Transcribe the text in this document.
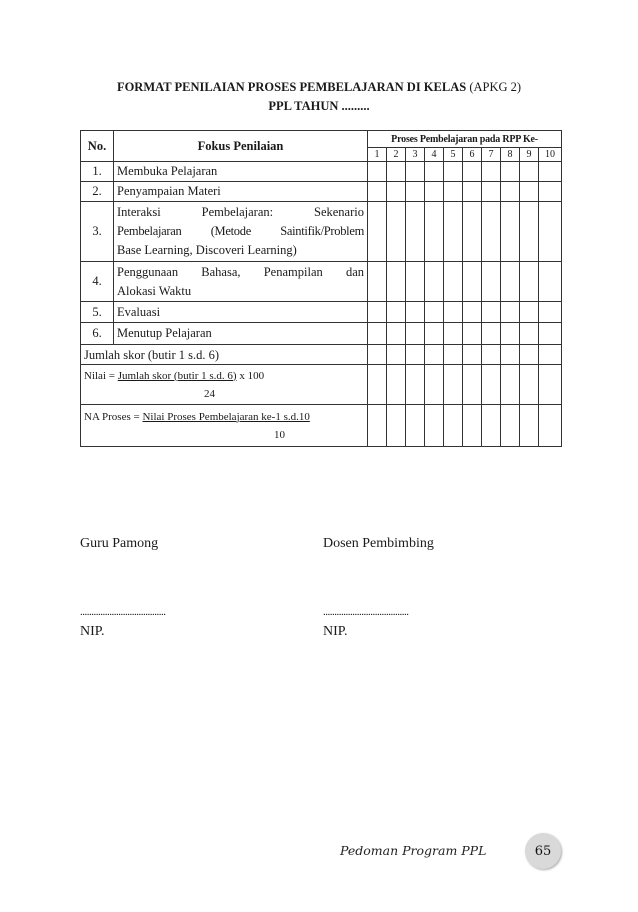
FORMAT PENILAIAN PROSES PEMBELAJARAN DI KELAS (APKG 2)
PPL TAHUN .........
No.	Fokus Penilaian	Proses Pembelajaran pada RPP Ke-									
		1	2	3	4	5	6	7	8	9	10
1.	Membuka Pelajaran										
2.	Penyampaian Materi										
3.	Interaksi Pembelajaran: Sekenario
Pembelajaran (Metode Saintifik/Problem
Base Learning, Discoveri Learning)										

4.	Penggunaan Bahasa, Penampilan dan
Alokasi Waktu										

5.	Evaluasi										
6.	Menutup Pelajaran										
Jumlah skor (butir 1 s.d. 6)											

Nilai = Jumlah skor (butir 1 s.d. 6) x 100
24											

NA Proses = Nilai Proses Pembelajaran ke-1 s.d.10
10											

Guru Pamong	Dosen Pembimbing
......................................	......................................
NIP.	NIP.
Pedoman Program PPL	65
